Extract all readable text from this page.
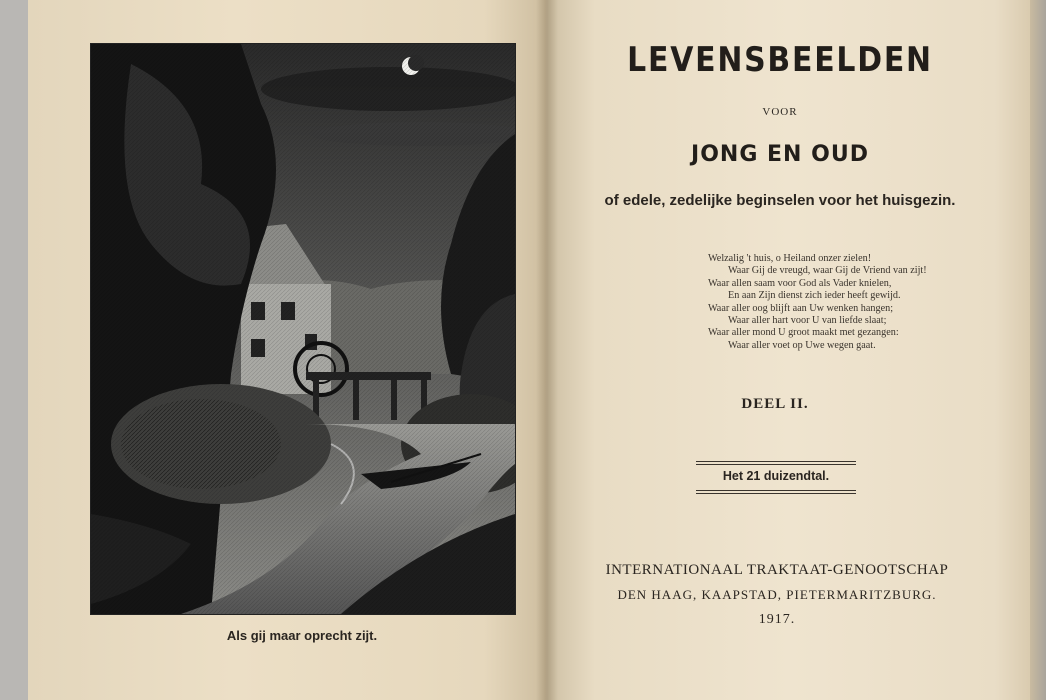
Als gij maar oprecht zijt.
LEVENSBEELDEN
VOOR
JONG EN OUD
of edele, zedelijke beginselen voor het huisgezin.
Welzalig 't huis, o Heiland onzer zielen!
Waar Gij de vreugd, waar Gij de Vriend van zijt!
Waar allen saam voor God als Vader knielen,
En aan Zijn dienst zich ieder heeft gewijd.
Waar aller oog blijft aan Uw wenken hangen;
Waar aller hart voor U van liefde slaat;
Waar aller mond U groot maakt met gezangen:
Waar aller voet op Uwe wegen gaat.
DEEL II.
Het 21 duizendtal.
INTERNATIONAAL TRAKTAAT-GENOOTSCHAP
DEN HAAG, KAAPSTAD, PIETERMARITZBURG.
1917.
